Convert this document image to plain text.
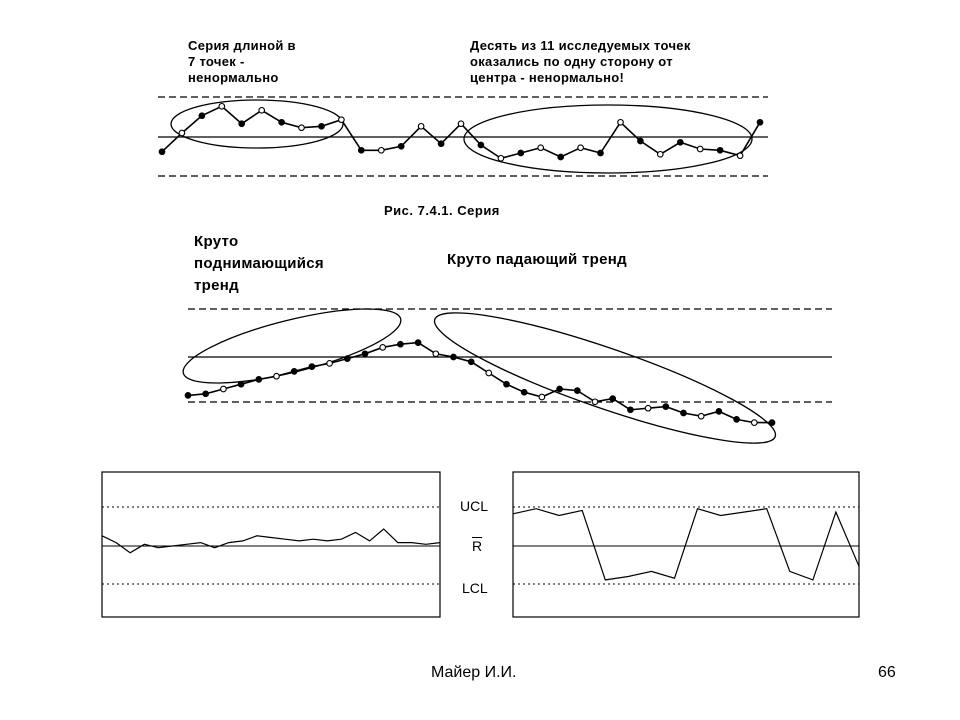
Серия длиной в
7 точек -
ненормально
Десять из 11 исследуемых точек
оказались по одну сторону от
центра - ненормально!
Рис. 7.4.1. Серия
Круто
поднимающийся
тренд
Круто падающий тренд
UCL
$\overline{R}$
LCL
Майер И.И.	66
